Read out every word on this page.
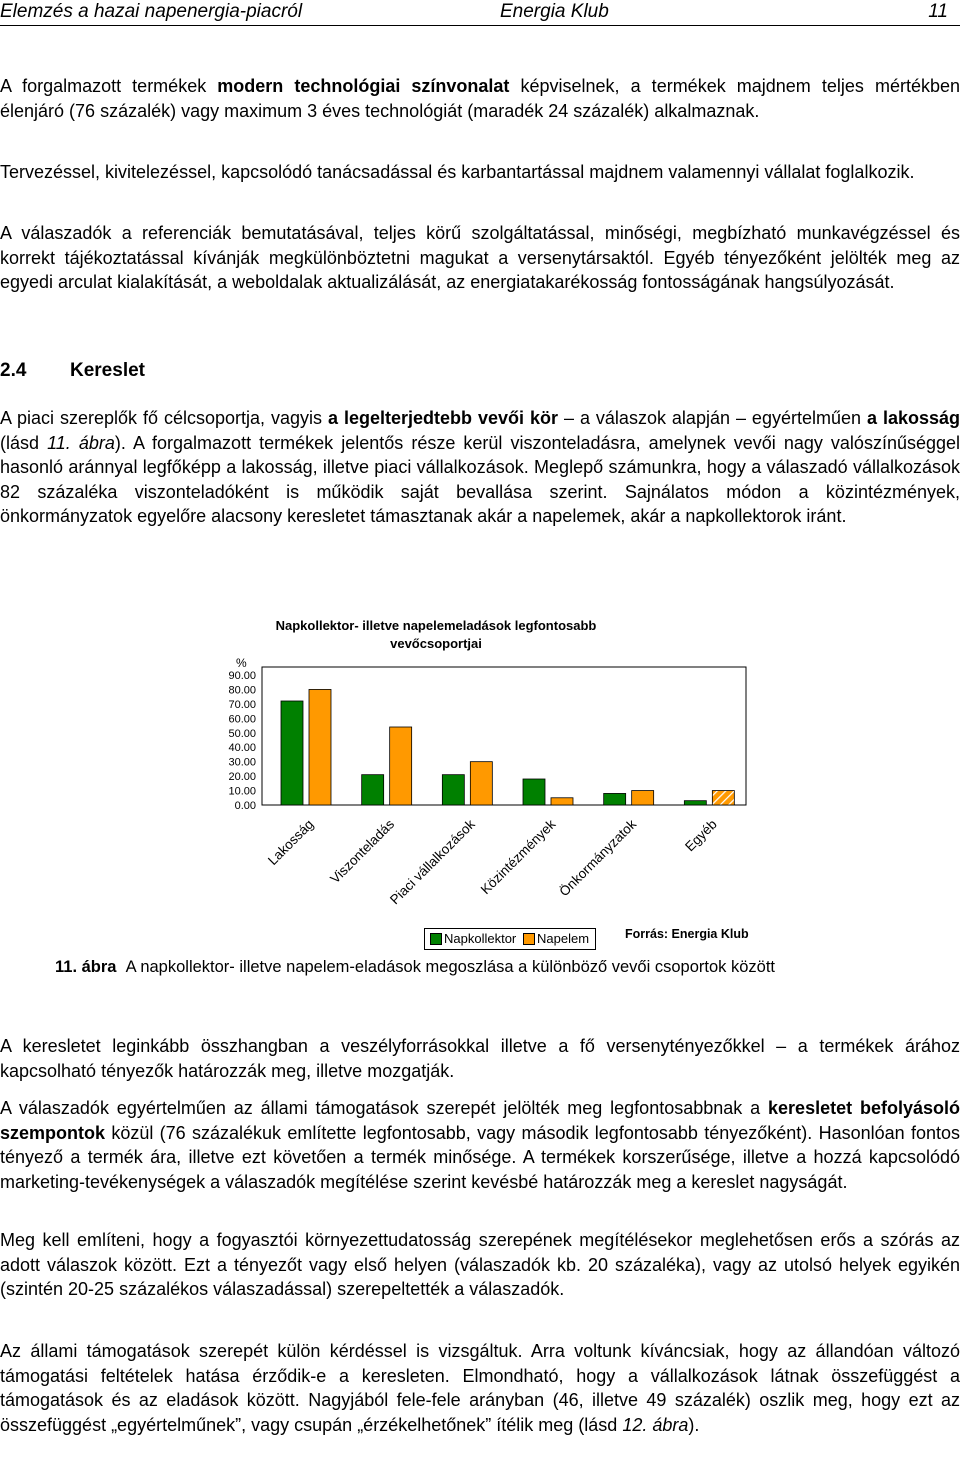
Elemzés a hazai napenergia-piacról	Energia Klub	11

A forgalmazott termékek modern technológiai színvonalat képviselnek, a termékek majdnem teljes mértékben élenjáró (76 százalék) vagy maximum 3 éves technológiát (maradék 24 százalék) alkalmaznak.

Tervezéssel, kivitelezéssel, kapcsolódó tanácsadással és karbantartással majdnem valamennyi vállalat foglalkozik.

A válaszadók a referenciák bemutatásával, teljes körű szolgáltatással, minőségi, megbízható munkavégzéssel és korrekt tájékoztatással kívánják megkülönböztetni magukat a versenytársaktól. Egyéb tényezőként jelölték meg az egyedi arculat kialakítását, a weboldalak aktualizálását, az energiatakarékosság fontosságának hangsúlyozását.

2.4 Kereslet

A piaci szereplők fő célcsoportja, vagyis a legelterjedtebb vevői kör – a válaszok alapján – egyértelműen a lakosság (lásd 11. ábra). A forgalmazott termékek jelentős része kerül viszonteladásra, amelynek vevői nagy valószínűséggel hasonló aránnyal legfőképp a lakosság, illetve piaci vállalkozások. Meglepő számunkra, hogy a válaszadó vállalkozások 82 százaléka viszonteladóként is működik saját bevallása szerint. Sajnálatos módon a közintézmények, önkormányzatok egyelőre alacsony keresletet támasztanak akár a napelemek, akár a napkollektorok iránt.

Napkollektor- illetve napelemeladások legfontosabb
vevőcsoportjai
%
90.00
80.00
70.00
60.00
50.00
40.00
30.00
20.00
10.00
0.00
Lakosság Viszonteladás
Piaci vállalkozások Közintézmények
Önkormányzatok	Egyéb
Napkollektor Napelem	Forrás: Energia Klub
11. ábra A napkollektor- illetve napelem-eladások megoszlása a különböző vevői csoportok között

A keresletet leginkább összhangban a veszélyforrásokkal illetve a fő versenytényezőkkel – a termékek árához kapcsolható tényezők határozzák meg, illetve mozgatják.

A válaszadók egyértelműen az állami támogatások szerepét jelölték meg legfontosabbnak a keresletet befolyásoló szempontok közül (76 százalékuk említette legfontosabb, vagy második legfontosabb tényezőként). Hasonlóan fontos tényező a termék ára, illetve ezt követően a termék minősége. A termékek korszerűsége, illetve a hozzá kapcsolódó marketing-tevékenységek a válaszadók megítélése szerint kevésbé határozzák meg a kereslet nagyságát.

Meg kell említeni, hogy a fogyasztói környezettudatosság szerepének megítélésekor meglehetősen erős a szórás az adott válaszok között. Ezt a tényezőt vagy első helyen (válaszadók kb. 20 százaléka), vagy az utolsó helyek egyikén (szintén 20-25 százalékos válaszadással) szerepeltették a válaszadók.

Az állami támogatások szerepét külön kérdéssel is vizsgáltuk. Arra voltunk kíváncsiak, hogy az állandóan változó támogatási feltételek hatása érződik-e a keresleten. Elmondható, hogy a vállalkozások látnak összefüggést a támogatások és az eladások között. Nagyjából fele-fele arányban (46, illetve 49 százalék) oszlik meg, hogy ezt az összefüggést „egyértelműnek”, vagy csupán „érzékelhetőnek” ítélik meg (lásd 12. ábra).
